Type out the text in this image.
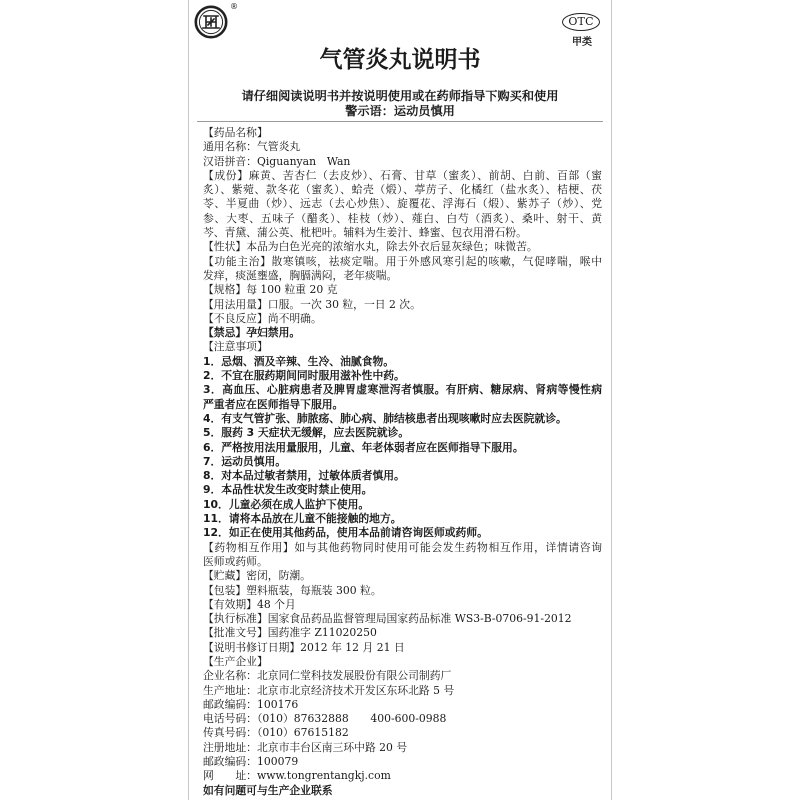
®
OTC
甲类
气管炎丸说明书
请仔细阅读说明书并按说明使用或在药师指导下购买和使用
警示语：运动员慎用
【药品名称】
通用名称：气管炎丸
汉语拼音：Qiguanyan　Wan
【成份】麻黄、苦杏仁（去皮炒）、石膏、甘草（蜜炙）、前胡、白前、百部（蜜
炙）、紫菀、款冬花（蜜炙）、蛤壳（煅）、葶苈子、化橘红（盐水炙）、桔梗、茯
苓、半夏曲（炒）、远志（去心炒焦）、旋覆花、浮海石（煅）、紫苏子（炒）、党
参、大枣、五味子（醋炙）、桂枝（炒）、薤白、白芍（酒炙）、桑叶、射干、黄
芩、青黛、蒲公英、枇杷叶。辅料为生姜汁、蜂蜜、包衣用滑石粉。
【性状】本品为白色光亮的浓缩水丸，除去外衣后显灰绿色；味微苦。
【功能主治】散寒镇咳，祛痰定喘。用于外感风寒引起的咳嗽，气促哮喘，喉中
发痒，痰涎壅盛，胸膈满闷，老年痰喘。
【规格】每 100 粒重 20 克
【用法用量】口服。一次 30 粒，一日 2 次。
【不良反应】尚不明确。
【禁忌】孕妇禁用。
【注意事项】
1．忌烟、酒及辛辣、生冷、油腻食物。
2．不宜在服药期间同时服用滋补性中药。
3．高血压、心脏病患者及脾胃虚寒泄泻者慎服。有肝病、糖尿病、肾病等慢性病
严重者应在医师指导下服用。
4．有支气管扩张、肺脓疡、肺心病、肺结核患者出现咳嗽时应去医院就诊。
5．服药 3 天症状无缓解，应去医院就诊。
6．严格按用法用量服用，儿童、年老体弱者应在医师指导下服用。
7．运动员慎用。
8．对本品过敏者禁用，过敏体质者慎用。
9．本品性状发生改变时禁止使用。
10．儿童必须在成人监护下使用。
11．请将本品放在儿童不能接触的地方。
12．如正在使用其他药品，使用本品前请咨询医师或药师。
【药物相互作用】如与其他药物同时使用可能会发生药物相互作用，详情请咨询
医师或药师。
【贮藏】密闭，防潮。
【包装】塑料瓶装，每瓶装 300 粒。
【有效期】48 个月
【执行标准】国家食品药品监督管理局国家药品标准 WS3-B-0706-91-2012
【批准文号】国药准字 Z11020250
【说明书修订日期】2012 年 12 月 21 日
【生产企业】
企业名称：北京同仁堂科技发展股份有限公司制药厂
生产地址：北京市北京经济技术开发区东环北路 5 号
邮政编码：100176
电话号码：（010）87632888　　400-600-0988
传真号码：（010）67615182
注册地址：北京市丰台区南三环中路 20 号
邮政编码：100079
网　　址：www.tongrentangkj.com
如有问题可与生产企业联系
